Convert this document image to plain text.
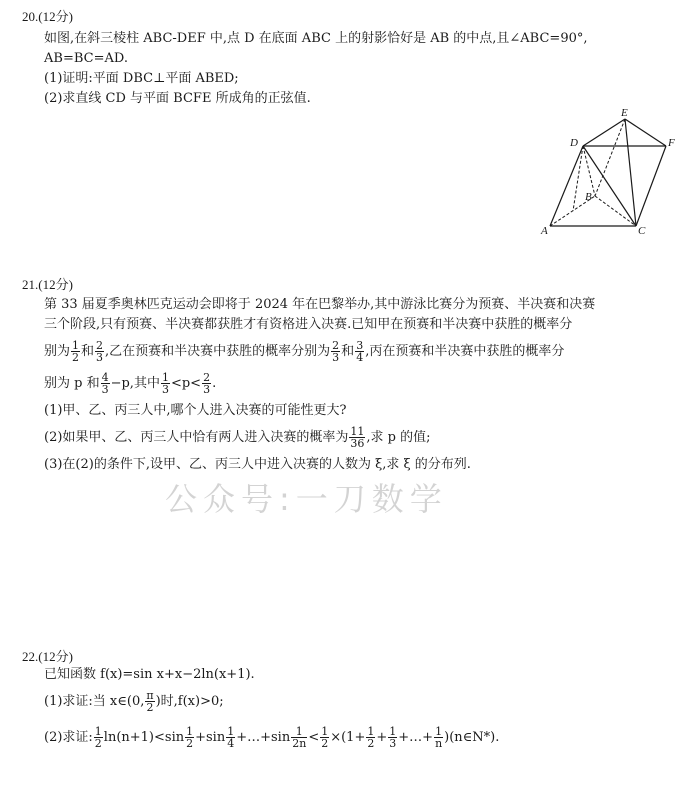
20.(12分)
如图,在斜三棱柱 ABC-DEF 中,点 D 在底面 ABC 上的射影恰好是 AB 的中点,且∠ABC=90°,
AB=BC=AD.
(1)证明:平面 DBC⊥平面 ABED;
(2)求直线 CD 与平面 BCFE 所成角的正弦值.
D
E
F
A
B
C
21.(12分)
第 33 届夏季奥林匹克运动会即将于 2024 年在巴黎举办,其中游泳比赛分为预赛、半决赛和决赛
三个阶段,只有预赛、半决赛都获胜才有资格进入决赛.已知甲在预赛和半决赛中获胜的概率分
别为 $\frac{1}{2}$ 和 $\frac{2}{3}$ ,乙在预赛和半决赛中获胜的概率分别为 $\frac{2}{3}$ 和 $\frac{3}{4}$ ,丙在预赛和半决赛中获胜的概率分
别为 p 和 $\frac{4}{3} -p$,其中 $\frac{1}{3} <p< \frac{2}{3}$ .
(1)甲、乙、丙三人中,哪个人进入决赛的可能性更大?
(2)如果甲、乙、丙三人中恰有两人进入决赛的概率为 $\frac{11}{36}$ ,求 p 的值;
(3)在(2)的条件下,设甲、乙、丙三人中进入决赛的人数为 ξ,求 ξ 的分布列.
公众号:一刀数学
22.(12分)
已知函数 f(x)=sin x+x−2ln(x+1).
(1)求证:当 x∈(0, $\frac{\pi}{2}$ )时,f(x)>0;
(2)求证: $\frac{1}{2} \ln(n+1)<\sin \frac{1}{2} +\sin \frac{1}{4}$ +…+sin $\frac{1}{2n} < \frac{1}{2} \times(1+ \frac{1}{2} + \frac{1}{3}$ +…+ $\frac{1}{n}$ )(n∈N*).
